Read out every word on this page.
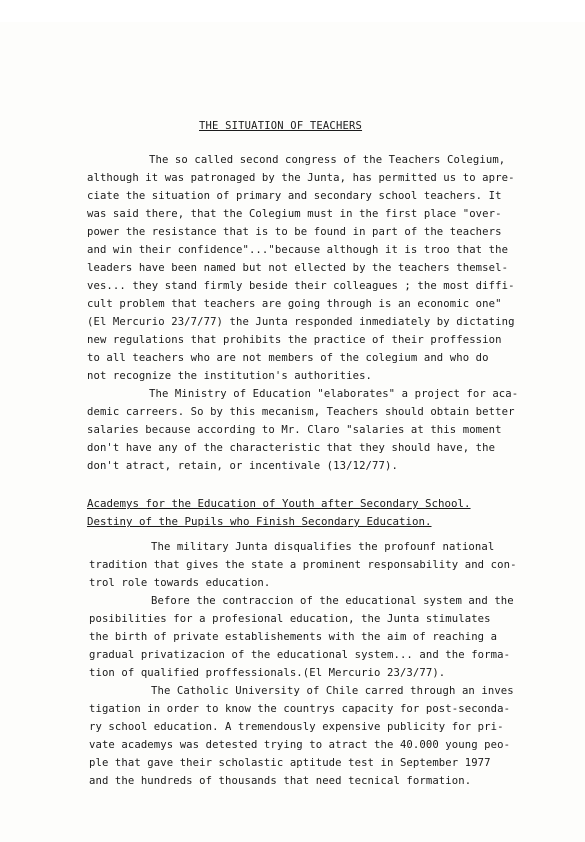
THE SITUATION OF TEACHERS
The so called second congress of the Teachers Colegium,
although it was patronaged by the Junta, has permitted us to apre-
ciate the situation of primary and secondary school teachers. It
was said there, that the Colegium must in the first place "over-
power the resistance that is to be found in part of the teachers
and win their confidence"..."because although it is troo that the
leaders have been named but not ellected by the teachers themsel-
ves... they stand firmly beside their colleagues ; the most diffi-
cult problem that teachers are going through is an economic one"
(El Mercurio 23/7/77) the Junta responded inmediately by dictating
new regulations that prohibits the practice of their proffession
to all teachers who are not members of the colegium and who do
not recognize the institution's authorities.
The Ministry of Education "elaborates" a project for aca-
demic carreers. So by this mecanism, Teachers should obtain better
salaries because according to Mr. Claro "salaries at this moment
don't have any of the characteristic that they should have, the
don't atract, retain, or incentivale (13/12/77).
Academys for the Education of Youth after Secondary School.
Destiny of the Pupils who Finish Secondary Education.
The military Junta disqualifies the profounf national
tradition that gives the state a prominent responsability and con-
trol role towards education.
Before the contraccion of the educational system and the
posibilities for a profesional education, the Junta stimulates
the birth of private establishements with the aim of reaching a
gradual privatizacion of the educational system... and the forma-
tion of qualified proffessionals.(El Mercurio 23/3/77).
The Catholic University of Chile carred through an inves
tigation in order to know the countrys capacity for post-seconda-
ry school education. A tremendously expensive publicity for pri-
vate academys was detested trying to atract the 40.000 young peo-
ple that gave their scholastic aptitude test in September 1977
and the hundreds of thousands that need tecnical formation.
